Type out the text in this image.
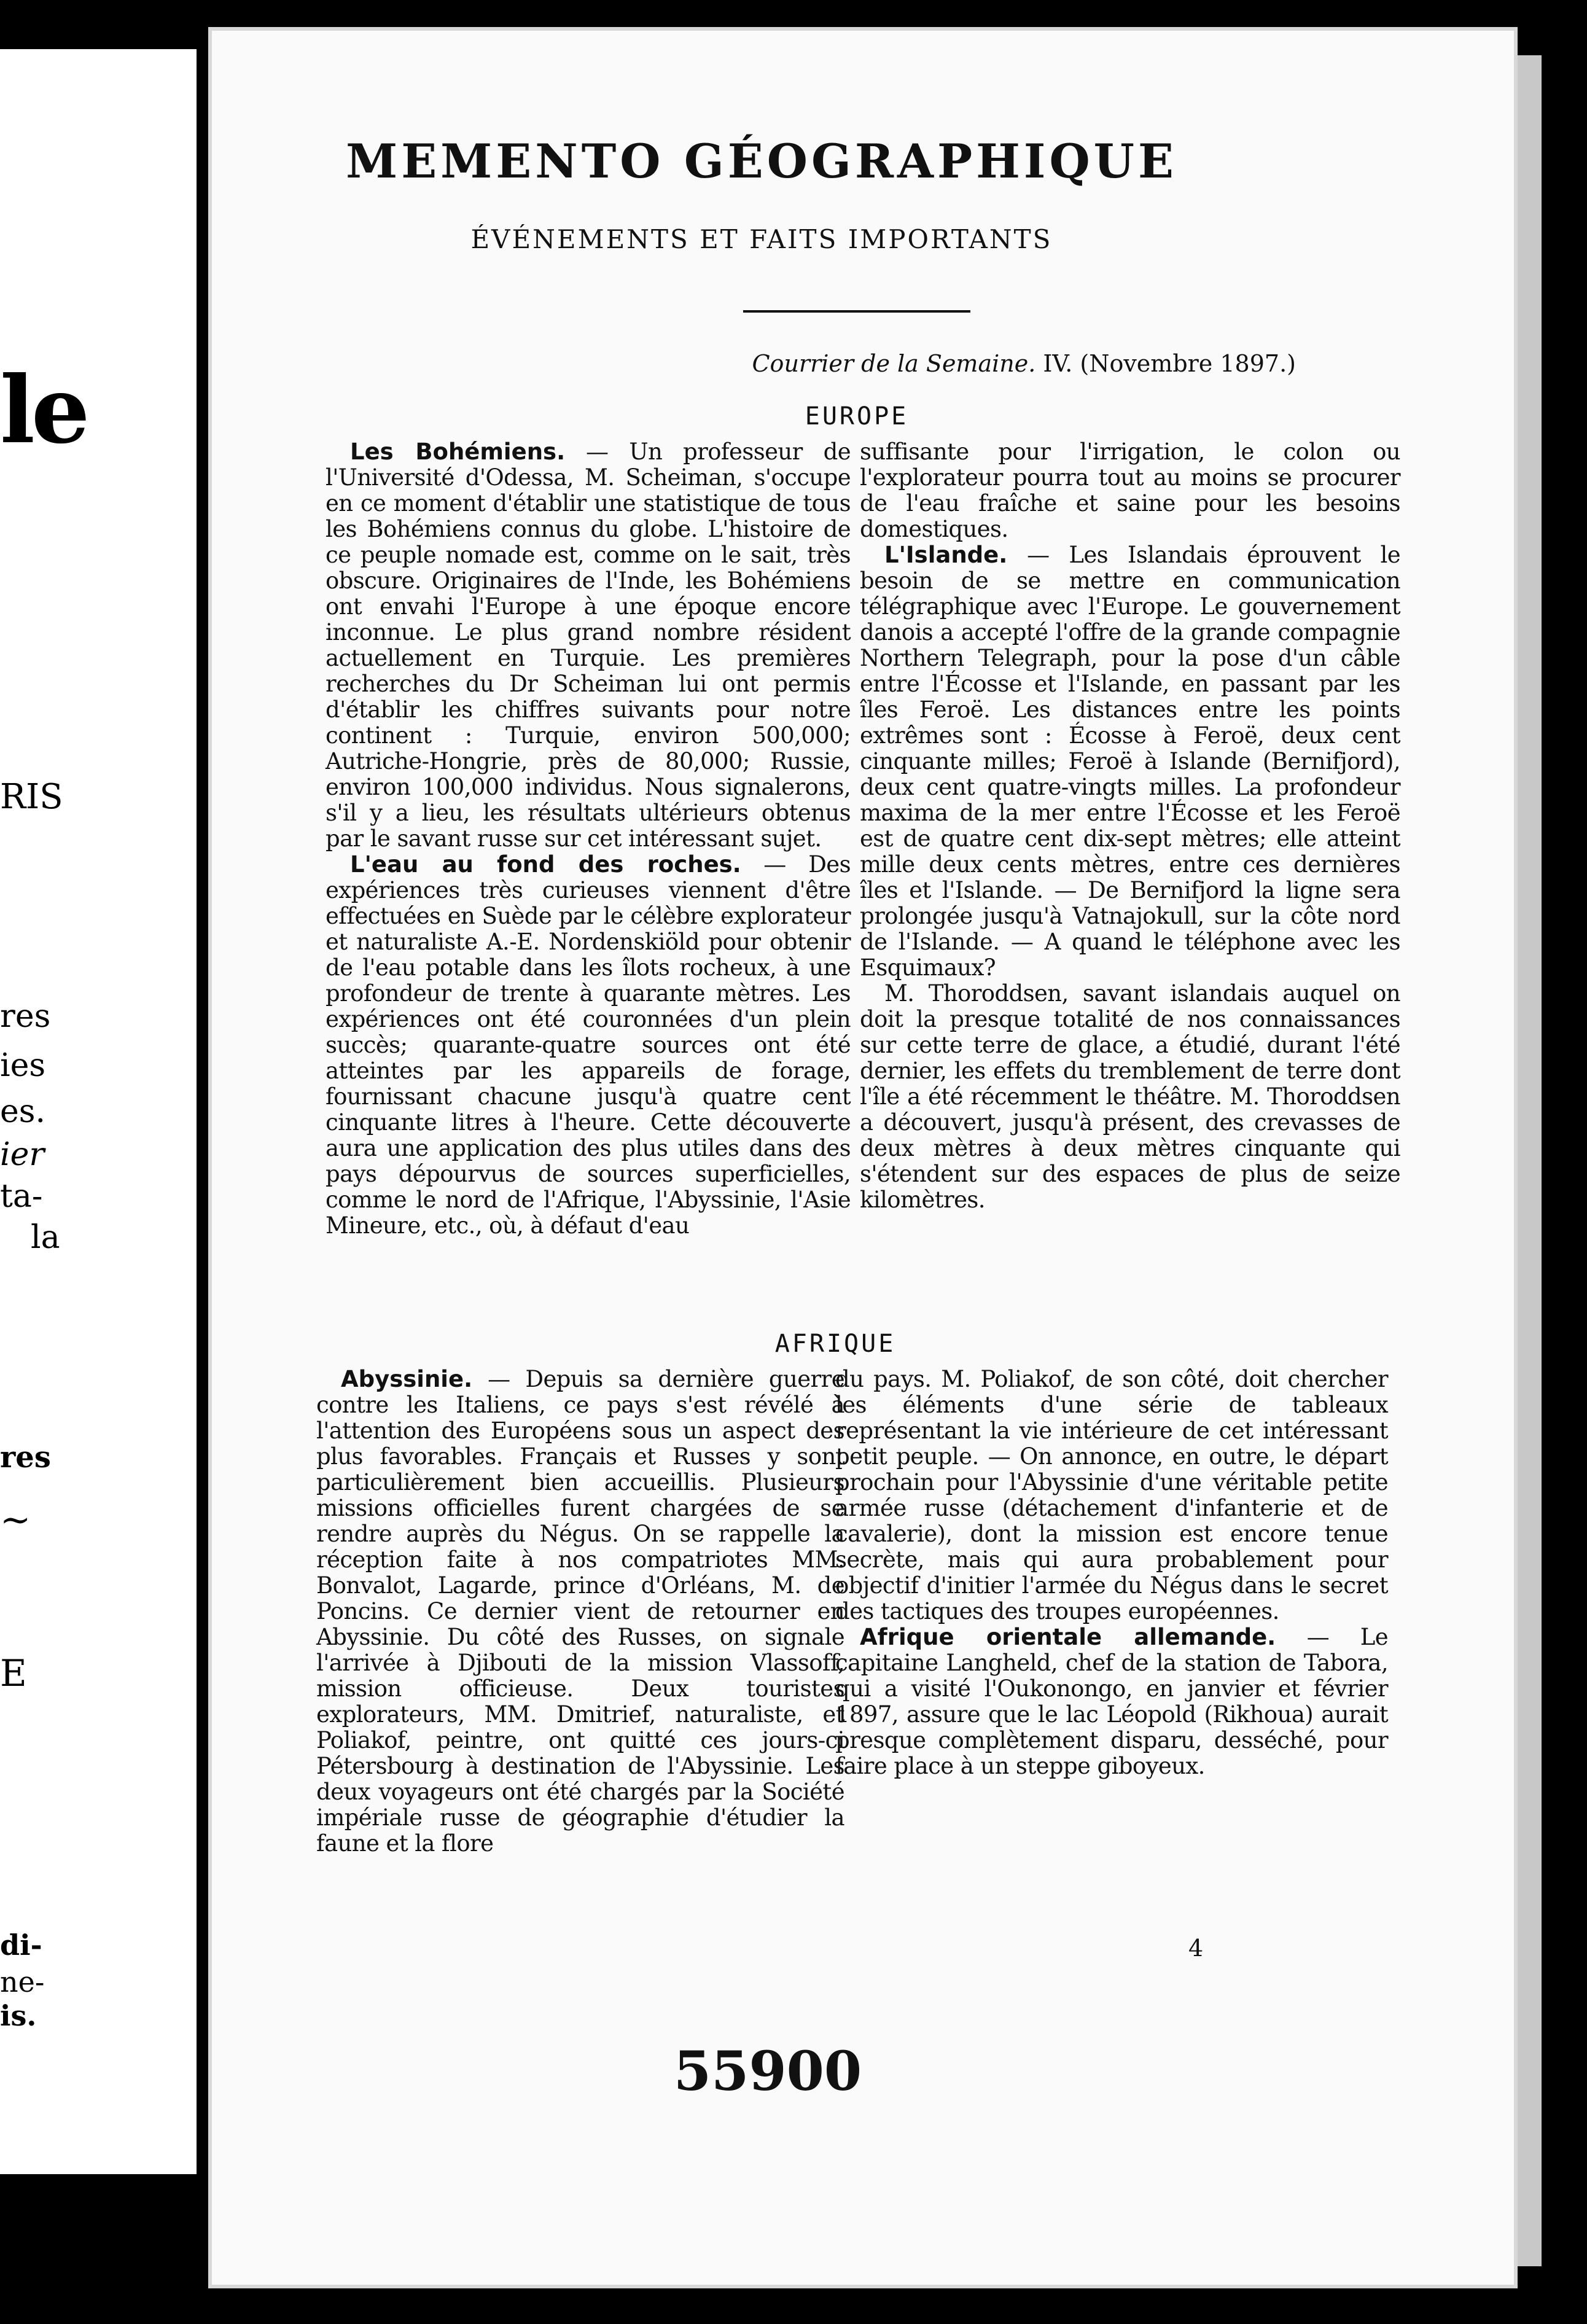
le
RIS
res
ies
es.
ier
ta-
la
res
~
E
di-
ne-
is.
MEMENTO GÉOGRAPHIQUE
ÉVÉNEMENTS ET FAITS IMPORTANTS
Courrier de la Semaine. IV. (Novembre 1897.)
EUROPE

Les Bohémiens. — Un professeur de l'Université d'Odessa, M. Scheiman, s'occupe en ce moment d'établir une statistique de tous les Bohémiens connus du globe. L'histoire de ce peuple nomade est, comme on le sait, très obscure. Originaires de l'Inde, les Bohémiens ont envahi l'Europe à une époque encore inconnue. Le plus grand nombre résident actuellement en Turquie. Les premières recherches du Dr Scheiman lui ont permis d'établir les chiffres suivants pour notre continent : Turquie, environ 500,000; Autriche-Hongrie, près de 80,000; Russie, environ 100,000 individus. Nous signalerons, s'il y a lieu, les résultats ultérieurs obtenus par le savant russe sur cet intéressant sujet.

L'eau au fond des roches. — Des expériences très curieuses viennent d'être effectuées en Suède par le célèbre explorateur et naturaliste A.-E. Nordenskiöld pour obtenir de l'eau potable dans les îlots rocheux, à une profondeur de trente à quarante mètres. Les expériences ont été couronnées d'un plein succès; quarante-quatre sources ont été atteintes par les appareils de forage, fournissant chacune jusqu'à quatre cent cinquante litres à l'heure. Cette découverte aura une application des plus utiles dans des pays dépourvus de sources superficielles, comme le nord de l'Afrique, l'Abyssinie, l'Asie Mineure, etc., où, à défaut d'eau

suffisante pour l'irrigation, le colon ou l'explorateur pourra tout au moins se procurer de l'eau fraîche et saine pour les besoins domestiques.

L'Islande. — Les Islandais éprouvent le besoin de se mettre en communication télégraphique avec l'Europe. Le gouvernement danois a accepté l'offre de la grande compagnie Northern Telegraph, pour la pose d'un câble entre l'Écosse et l'Islande, en passant par les îles Feroë. Les distances entre les points extrêmes sont : Écosse à Feroë, deux cent cinquante milles; Feroë à Islande (Bernifjord), deux cent quatre-vingts milles. La profondeur maxima de la mer entre l'Écosse et les Feroë est de quatre cent dix-sept mètres; elle atteint mille deux cents mètres, entre ces dernières îles et l'Islande. — De Bernifjord la ligne sera prolongée jusqu'à Vatnajokull, sur la côte nord de l'Islande. — A quand le téléphone avec les Esquimaux?

M. Thoroddsen, savant islandais auquel on doit la presque totalité de nos connaissances sur cette terre de glace, a étudié, durant l'été dernier, les effets du tremblement de terre dont l'île a été récemment le théâtre. M. Thoroddsen a découvert, jusqu'à présent, des crevasses de deux mètres à deux mètres cinquante qui s'étendent sur des espaces de plus de seize kilomètres.

AFRIQUE

Abyssinie. — Depuis sa dernière guerre contre les Italiens, ce pays s'est révélé à l'attention des Européens sous un aspect des plus favorables. Français et Russes y sont particulièrement bien accueillis. Plusieurs missions officielles furent chargées de se rendre auprès du Négus. On se rappelle la réception faite à nos compatriotes MM. Bonvalot, Lagarde, prince d'Orléans, M. de Poncins. Ce dernier vient de retourner en Abyssinie. Du côté des Russes, on signale l'arrivée à Djibouti de la mission Vlassoff, mission officieuse. Deux touristes explorateurs, MM. Dmitrief, naturaliste, et Poliakof, peintre, ont quitté ces jours-ci Pétersbourg à destination de l'Abyssinie. Les deux voyageurs ont été chargés par la Société impériale russe de géographie d'étudier la faune et la flore

du pays. M. Poliakof, de son côté, doit chercher les éléments d'une série de tableaux représentant la vie intérieure de cet intéressant petit peuple. — On annonce, en outre, le départ prochain pour l'Abyssinie d'une véritable petite armée russe (détachement d'infanterie et de cavalerie), dont la mission est encore tenue secrète, mais qui aura probablement pour objectif d'initier l'armée du Négus dans le secret des tactiques des troupes européennes.

Afrique orientale allemande. — Le capitaine Langheld, chef de la station de Tabora, qui a visité l'Oukonongo, en janvier et février 1897, assure que le lac Léopold (Rikhoua) aurait presque complètement disparu, desséché, pour faire place à un steppe giboyeux.

4
55900
